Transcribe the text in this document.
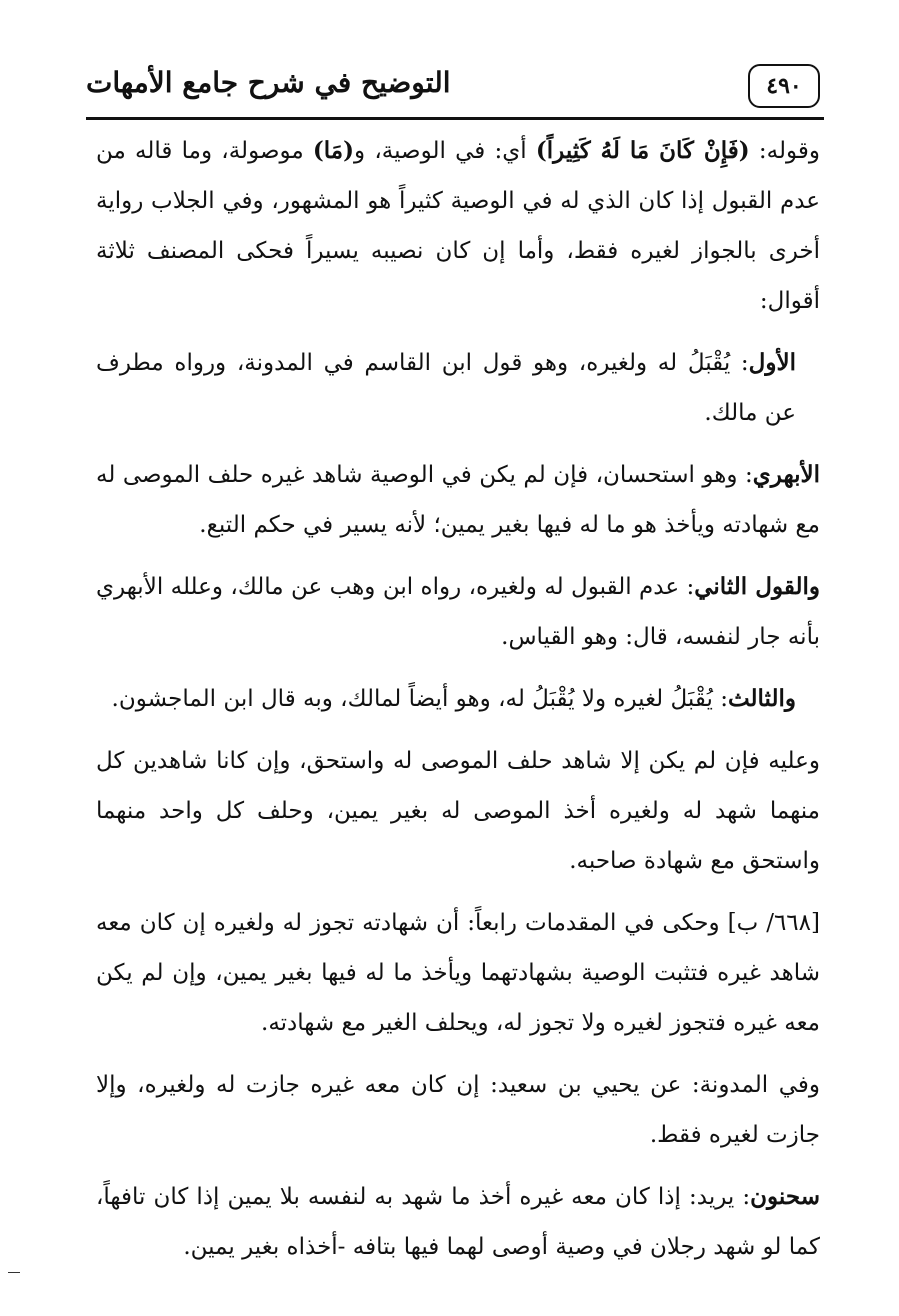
٤٩٠
التوضيح في شرح جامع الأمهات

وقوله: (فَإِنْ كَانَ مَا لَهُ كَثِيراً) أي: في الوصية، و(مَا) موصولة، وما قاله من عدم القبول إذا كان الذي له في الوصية كثيراً هو المشهور، وفي الجلاب رواية أخرى بالجواز لغيره فقط، وأما إن كان نصيبه يسيراً فحكى المصنف ثلاثة أقوال:

الأول: يُقْبَلُ له ولغيره، وهو قول ابن القاسم في المدونة، ورواه مطرف عن مالك.

الأبهري: وهو استحسان، فإن لم يكن في الوصية شاهد غيره حلف الموصى له مع شهادته ويأخذ هو ما له فيها بغير يمين؛ لأنه يسير في حكم التبع.

والقول الثاني: عدم القبول له ولغيره، رواه ابن وهب عن مالك، وعلله الأبهري بأنه جار لنفسه، قال: وهو القياس.

والثالث: يُقْبَلُ لغيره ولا يُقْبَلُ له، وهو أيضاً لمالك، وبه قال ابن الماجشون.

وعليه فإن لم يكن إلا شاهد حلف الموصى له واستحق، وإن كانا شاهدين كل منهما شهد له ولغيره أخذ الموصى له بغير يمين، وحلف كل واحد منهما واستحق مع شهادة صاحبه.

[٦٦٨/ ب] وحكى في المقدمات رابعاً: أن شهادته تجوز له ولغيره إن كان معه شاهد غيره فتثبت الوصية بشهادتهما ويأخذ ما له فيها بغير يمين، وإن لم يكن معه غيره فتجوز لغيره ولا تجوز له، ويحلف الغير مع شهادته.

وفي المدونة: عن يحيي بن سعيد: إن كان معه غيره جازت له ولغيره، وإلا جازت لغيره فقط.

سحنون: يريد: إذا كان معه غيره أخذ ما شهد به لنفسه بلا يمين إذا كان تافهاً، كما لو شهد رجلان في وصية أوصى لهما فيها بتافه -أخذاه بغير يمين.
